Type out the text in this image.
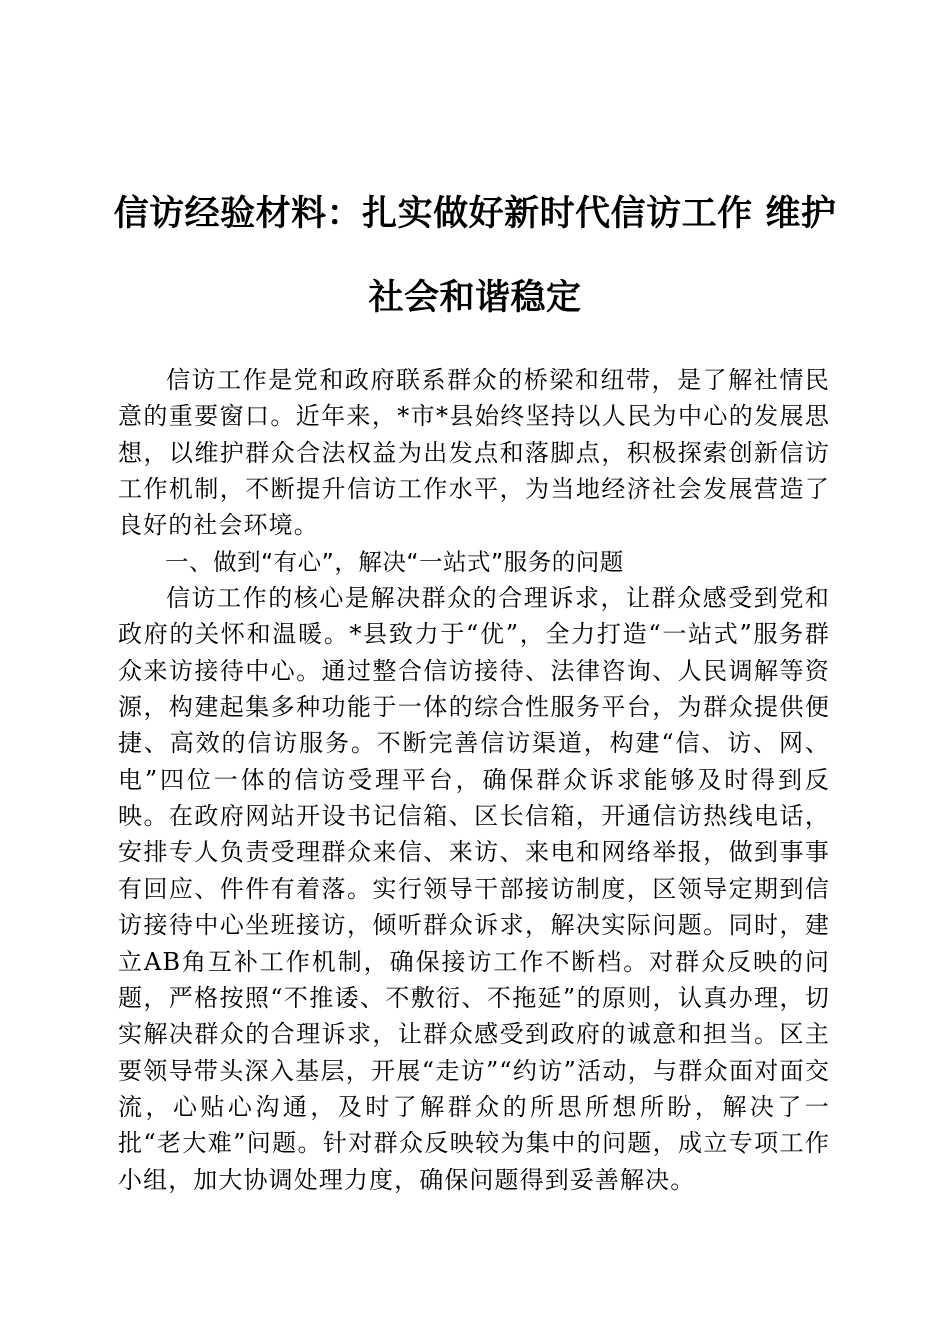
信访经验材料：扎实做好新时代信访工作 维护社会和谐稳定

信访工作是党和政府联系群众的桥梁和纽带，是了解社情民意的重要窗口。近年来，*市*县始终坚持以人民为中心的发展思想，以维护群众合法权益为出发点和落脚点，积极探索创新信访工作机制，不断提升信访工作水平，为当地经济社会发展营造了良好的社会环境。

一、做到“有心”，解决“一站式”服务的问题

信访工作的核心是解决群众的合理诉求，让群众感受到党和政府的关怀和温暖。*县致力于“优”，全力打造“一站式”服务群众来访接待中心。通过整合信访接待、法律咨询、人民调解等资源，构建起集多种功能于一体的综合性服务平台，为群众提供便捷、高效的信访服务。不断完善信访渠道，构建“信、访、网、电”四位一体的信访受理平台，确保群众诉求能够及时得到反映。在政府网站开设书记信箱、区长信箱，开通信访热线电话，安排专人负责受理群众来信、来访、来电和网络举报，做到事事有回应、件件有着落。实行领导干部接访制度，区领导定期到信访接待中心坐班接访，倾听群众诉求，解决实际问题。同时，建立AB角互补工作机制，确保接访工作不断档。对群众反映的问题，严格按照“不推诿、不敷衍、不拖延”的原则，认真办理，切实解决群众的合理诉求，让群众感受到政府的诚意和担当。区主要领导带头深入基层，开展“走访”“约访”活动，与群众面对面交流，心贴心沟通，及时了解群众的所思所想所盼，解决了一批“老大难”问题。针对群众反映较为集中的问题，成立专项工作小组，加大协调处理力度，确保问题得到妥善解决。
